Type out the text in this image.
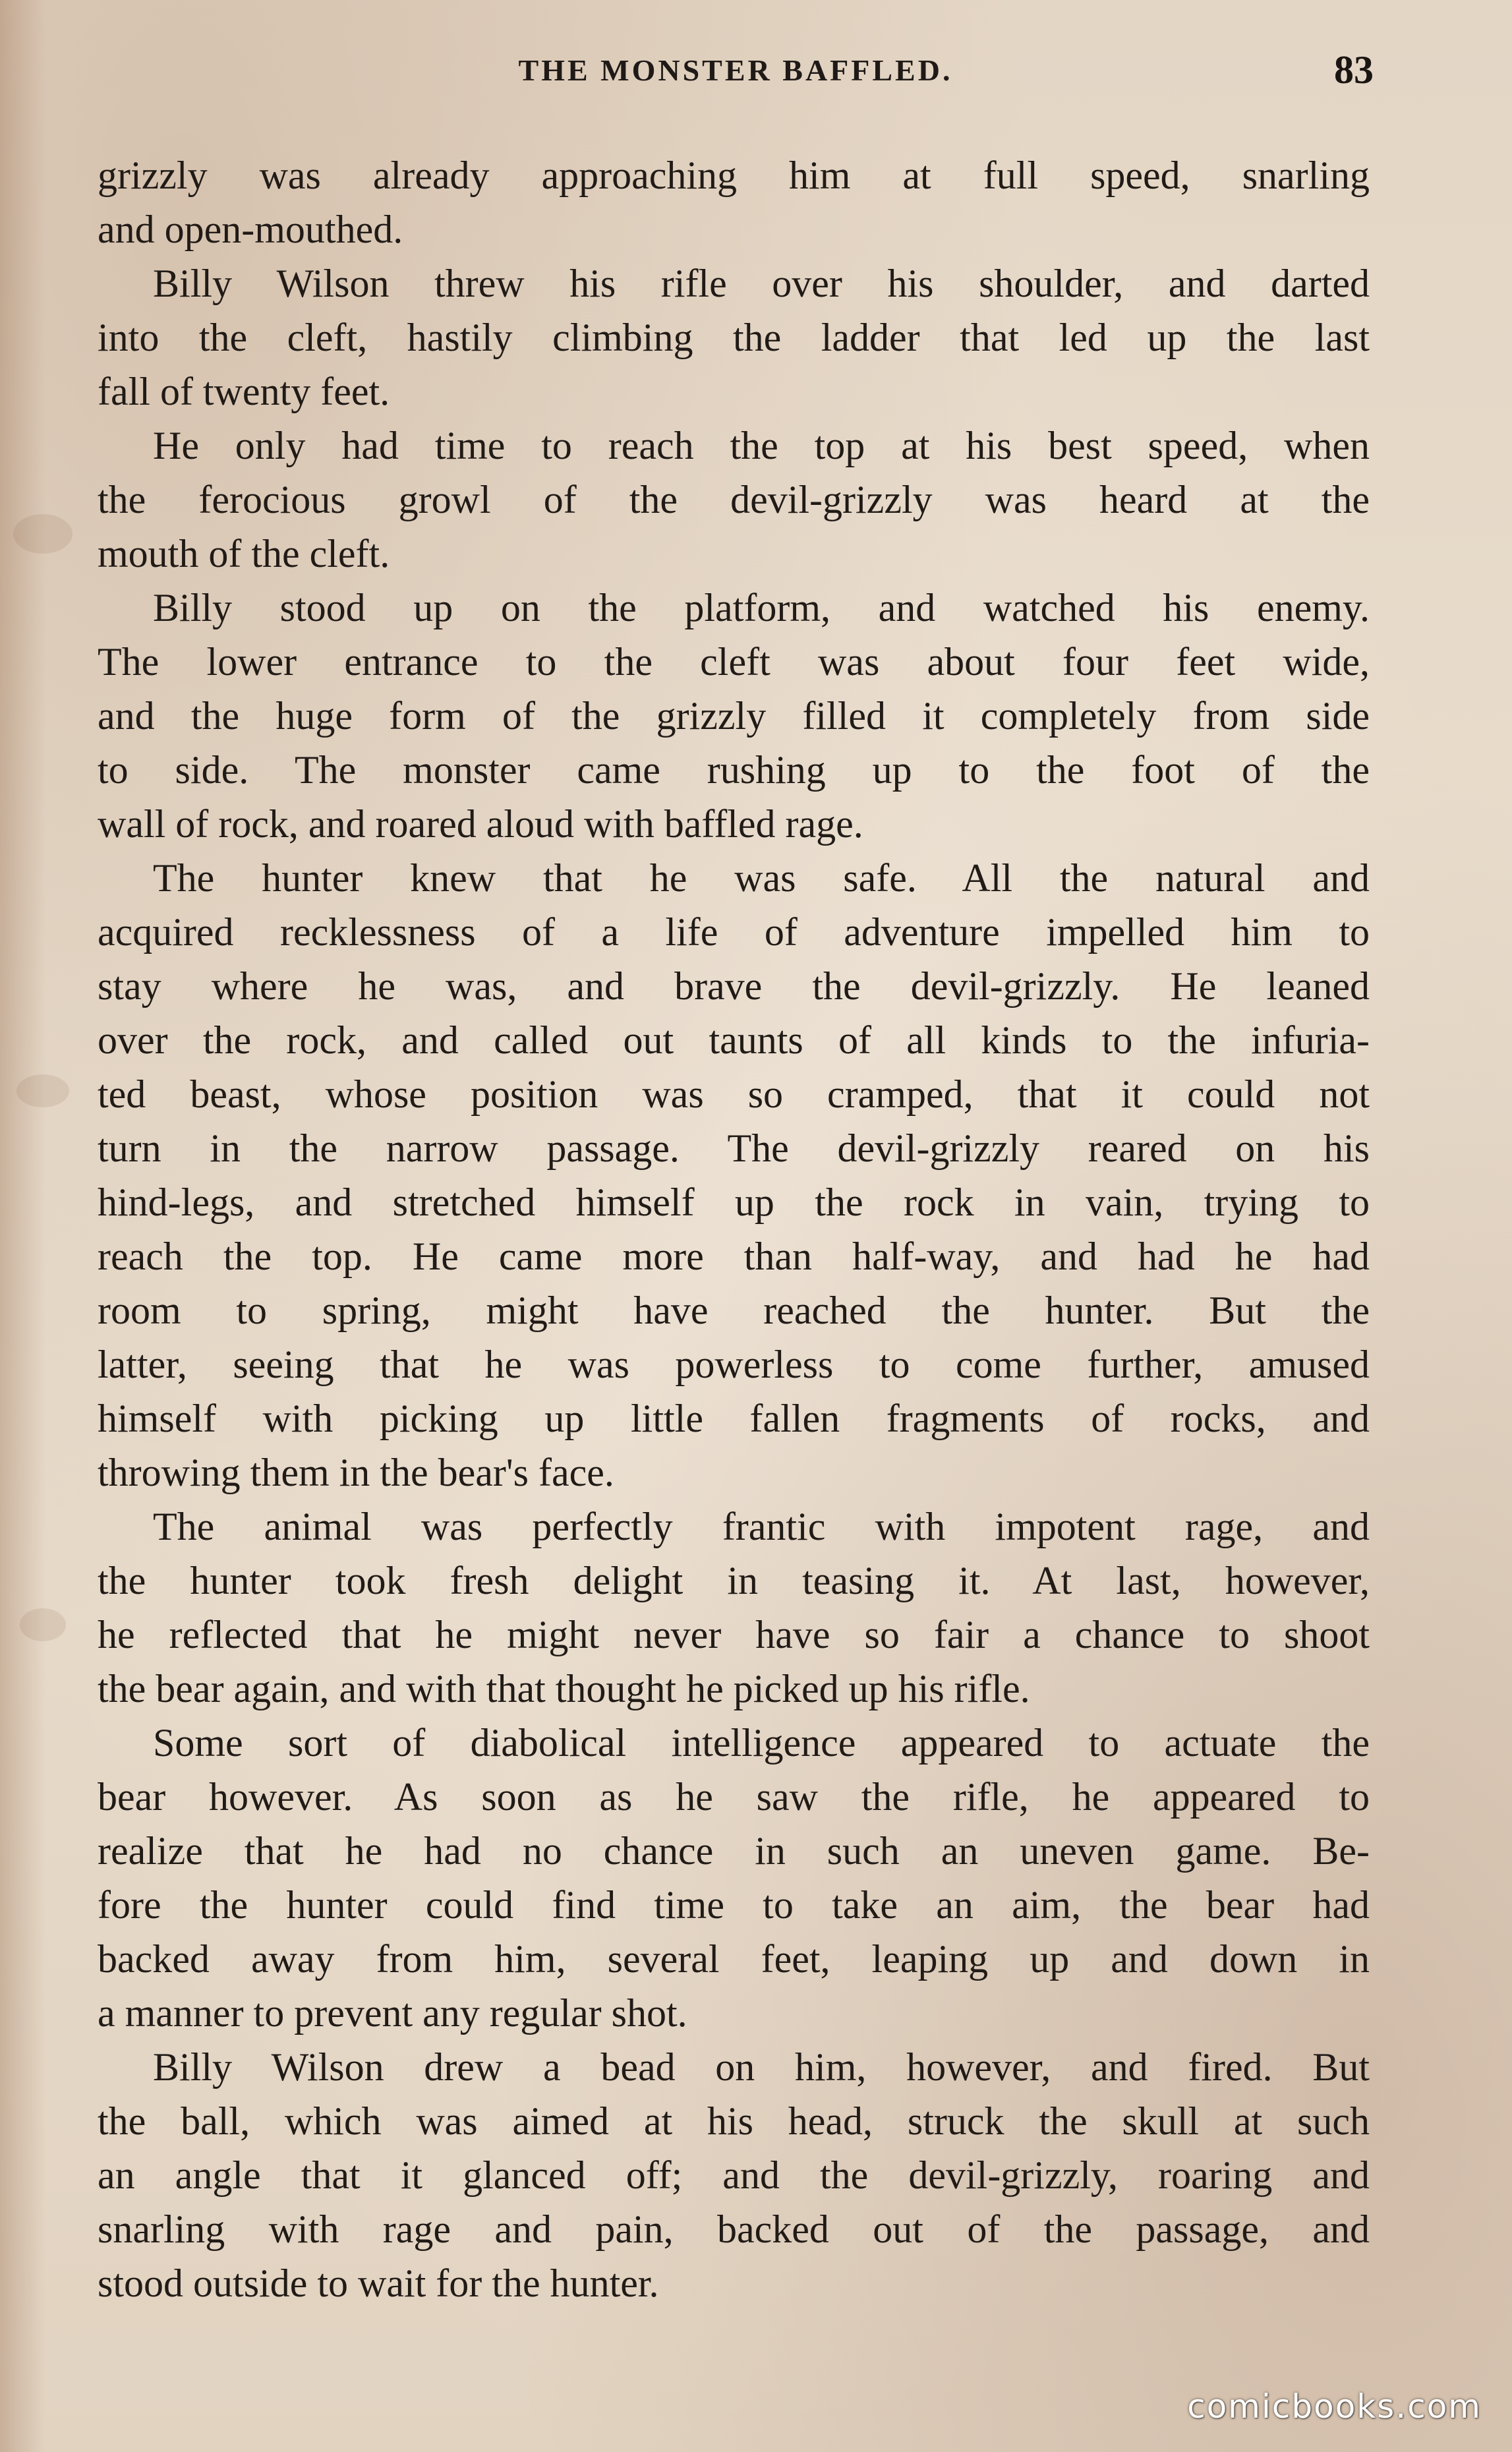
THE MONSTER BAFFLED.	83
grizzly was already approaching him at full speed, snarling
and open-mouthed.
Billy Wilson threw his rifle over his shoulder, and darted
into the cleft, hastily climbing the ladder that led up the last
fall of twenty feet.
He only had time to reach the top at his best speed, when
the ferocious growl of the devil-grizzly was heard at the
mouth of the cleft.
Billy stood up on the platform, and watched his enemy.
The lower entrance to the cleft was about four feet wide,
and the huge form of the grizzly filled it completely from side
to side. The monster came rushing up to the foot of the
wall of rock, and roared aloud with baffled rage.
The hunter knew that he was safe. All the natural and
acquired recklessness of a life of adventure impelled him to
stay where he was, and brave the devil-grizzly. He leaned
over the rock, and called out taunts of all kinds to the infuria-
ted beast, whose position was so cramped, that it could not
turn in the narrow passage. The devil-grizzly reared on his
hind-legs, and stretched himself up the rock in vain, trying to
reach the top. He came more than half-way, and had he had
room to spring, might have reached the hunter. But the
latter, seeing that he was powerless to come further, amused
himself with picking up little fallen fragments of rocks, and
throwing them in the bear's face.
The animal was perfectly frantic with impotent rage, and
the hunter took fresh delight in teasing it. At last, however,
he reflected that he might never have so fair a chance to shoot
the bear again, and with that thought he picked up his rifle.
Some sort of diabolical intelligence appeared to actuate the
bear however. As soon as he saw the rifle, he appeared to
realize that he had no chance in such an uneven game. Be-
fore the hunter could find time to take an aim, the bear had
backed away from him, several feet, leaping up and down in
a manner to prevent any regular shot.
Billy Wilson drew a bead on him, however, and fired. But
the ball, which was aimed at his head, struck the skull at such
an angle that it glanced off; and the devil-grizzly, roaring and
snarling with rage and pain, backed out of the passage, and
stood outside to wait for the hunter.
comicbooks.com
